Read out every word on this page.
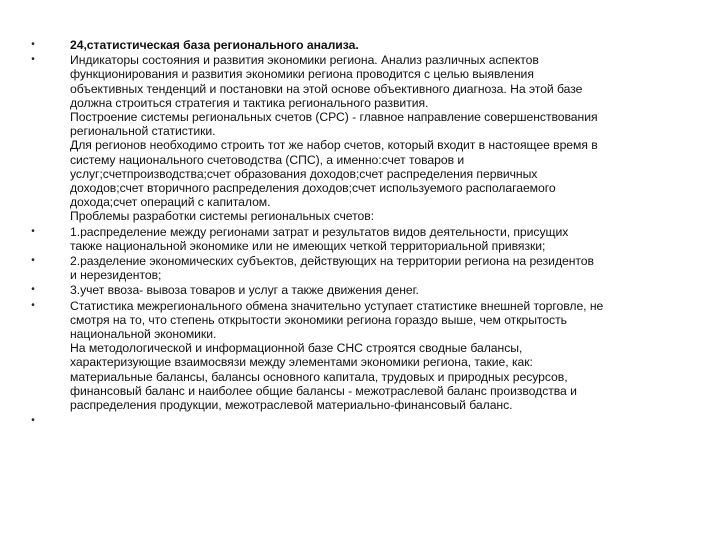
•	24,статистическая база регионального анализа.
•	Индикаторы состояния и развития экономики региона. Анализ различных аспектов
функционирования и развития экономики региона проводится с целью выявления
объективных тенденций и постановки на этой основе объективного диагноза. На этой базе
должна строиться стратегия и тактика регионального развития.
Построение системы региональных счетов (СРС) - главное направление совершенствования
региональной статистики.
Для регионов необходимо строить тот же набор счетов, который входит в настоящее время в
систему национального счетоводства (СПС), а именно:счет товаров и
услуг;счетпроизводства;счет образования доходов;счет распределения первичных
доходов;счет вторичного распределения доходов;счет используемого располагаемого
дохода;счет операций с капиталом.
Проблемы разработки системы региональных счетов:
•	1.распределение между регионами затрат и результатов видов деятельности, присущих
также национальной экономике или не имеющих четкой территориальной привязки;
•	2.разделение экономических субъектов, действующих на территории региона на резидентов
и нерезидентов;
•	3.учет ввоза- вывоза товаров и услуг а также движения денег.
•	Статистика межрегионального обмена значительно уступает статистике внешней торговле, не
смотря на то, что степень открытости экономики региона гораздо выше, чем открытость
национальной экономики.
На методологической и информационной базе СНС строятся сводные балансы,
характеризующие взаимосвязи между элементами экономики региона, такие, как:
материальные балансы, балансы основного капитала, трудовых и природных ресурсов,
финансовый баланс и наиболее общие балансы - межотраслевой баланс производства и
распределения продукции, межотраслевой материально-финансовый баланс.
•
